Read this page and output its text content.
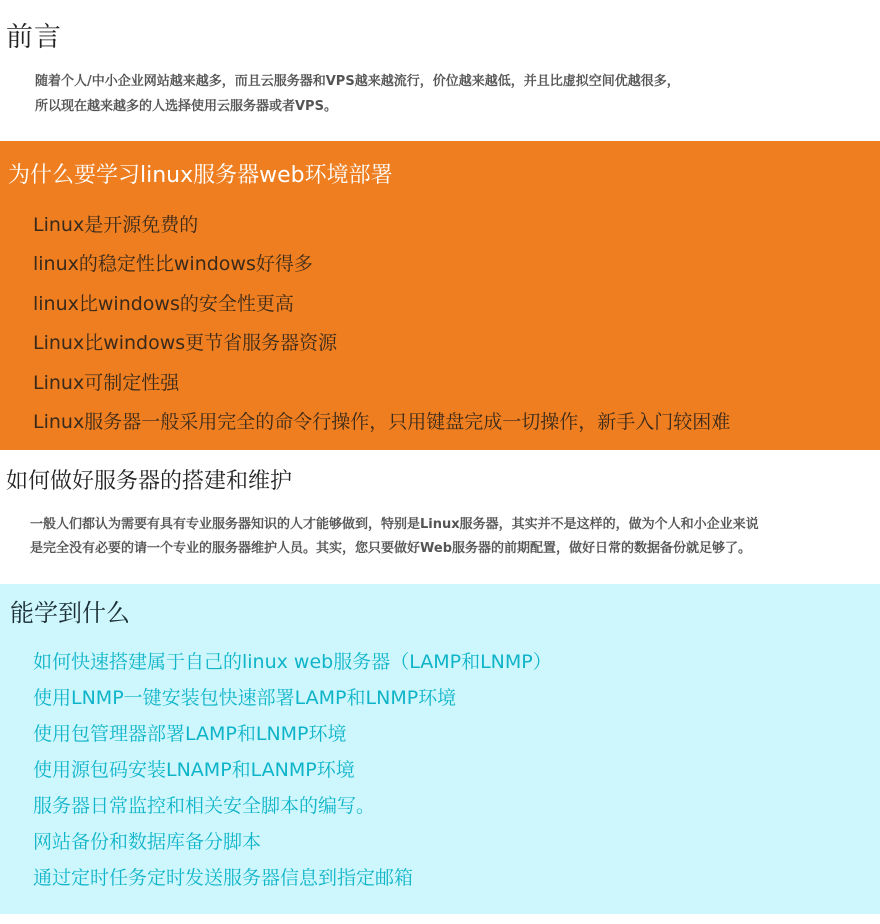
前言

随着个人/中小企业网站越来越多，而且云服务器和VPS越来越流行，价位越来越低，并且比虚拟空间优越很多，
所以现在越来越多的人选择使用云服务器或者VPS。

为什么要学习linux服务器web环境部署
Linux是开源免费的
linux的稳定性比windows好得多
linux比windows的安全性更高
Linux比windows更节省服务器资源
Linux可制定性强
Linux服务器一般采用完全的命令行操作，只用键盘完成一切操作，新手入门较困难
如何做好服务器的搭建和维护

一般人们都认为需要有具有专业服务器知识的人才能够做到，特别是Linux服务器，其实并不是这样的，做为个人和小企业来说
是完全没有必要的请一个专业的服务器维护人员。其实，您只要做好Web服务器的前期配置，做好日常的数据备份就足够了。

能学到什么
如何快速搭建属于自己的linux web服务器（LAMP和LNMP）
使用LNMP一键安装包快速部署LAMP和LNMP环境
使用包管理器部署LAMP和LNMP环境
使用源包码安装LNAMP和LANMP环境
服务器日常监控和相关安全脚本的编写。
网站备份和数据库备分脚本
通过定时任务定时发送服务器信息到指定邮箱
